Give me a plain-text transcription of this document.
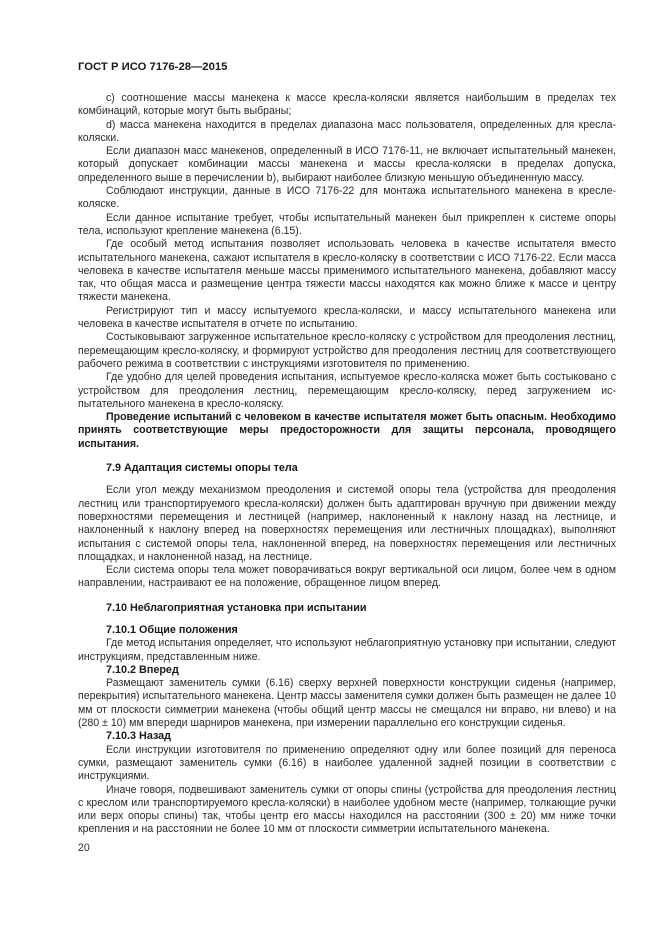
ГОСТ Р ИСО 7176-28—2015

c) соотношение массы манекена к массе кресла-коляски является наибольшим в пределах тех комбинаций, которые могут быть выбраны;

d) масса манекена находится в пределах диапазона масс пользователя, определенных для кресла-коляски.

Если диапазон масс манекенов, определенный в ИСО 7176-11, не включает испытательный манекен, который допускает комбинации массы манекена и массы кресла-коляски в пределах допуска, определенного выше в перечислении b), выбирают наиболее близкую меньшую объединенную массу.

Соблюдают инструкции, данные в ИСО 7176-22 для монтажа испытательного манекена в кресле-коляске.

Если данное испытание требует, чтобы испытательный манекен был прикреплен к системе опоры тела, используют крепление манекена (6.15).

Где особый метод испытания позволяет использовать человека в качестве испытателя вместо испытательного манекена, сажают испытателя в кресло-коляску в соответствии с ИСО 7176-22. Если масса человека в качестве испытателя меньше массы применимого испытательного манекена, добавляют массу так, что общая масса и размещение центра тяжести массы находятся как можно ближе к массе и центру тяжести манекена.

Регистрируют тип и массу испытуемого кресла-коляски, и массу испытательного манекена или человека в качестве испытателя в отчете по испытанию.

Состыковывают загруженное испытательное кресло-коляску с устройством для преодоления лестниц, перемещающим кресло-коляску, и формируют устройство для преодоления лестниц для соответствующего рабочего режима в соответствии с инструкциями изготовителя по применению.

Где удобно для целей проведения испытания, испытуемое кресло-коляска может быть состыковано с устройством для преодоления лестниц, перемещающим кресло-коляску, перед загружением испытательного манекена в кресло-коляску.

Проведение испытаний с человеком в качестве испытателя может быть опасным. Необходимо принять соответствующие меры предосторожности для защиты персонала, проводящего испытания.

7.9 Адаптация системы опоры тела

Если угол между механизмом преодоления и системой опоры тела (устройства для преодоления лестниц или транспортируемого кресла-коляски) должен быть адаптирован вручную при движении между поверхностями перемещения и лестницей (например, наклоненный к наклону назад на лестнице, и наклоненный к наклону вперед на поверхностях перемещения или лестничных площадках), выполняют испытания с системой опоры тела, наклоненной вперед, на поверхностях перемещения или лестничных площадках, и наклоненной назад, на лестнице.

Если система опоры тела может поворачиваться вокруг вертикальной оси лицом, более чем в одном направлении, настраивают ее на положение, обращенное лицом вперед.

7.10 Неблагоприятная установка при испытании
7.10.1 Общие положения

Где метод испытания определяет, что используют неблагоприятную установку при испытании, следуют инструкциям, представленным ниже.

7.10.2 Вперед

Размещают заменитель сумки (6.16) сверху верхней поверхности конструкции сиденья (например, перекрытия) испытательного манекена. Центр массы заменителя сумки должен быть размещен не далее 10 мм от плоскости симметрии манекена (чтобы общий центр массы не смещался ни вправо, ни влево) и на (280 ± 10) мм впереди шарниров манекена, при измерении параллельно его конструкции сиденья.

7.10.3 Назад

Если инструкции изготовителя по применению определяют одну или более позиций для переноса сумки, размещают заменитель сумки (6.16) в наиболее удаленной задней позиции в соответствии с инструкциями.

Иначе говоря, подвешивают заменитель сумки от опоры спины (устройства для преодоления лестниц с креслом или транспортируемого кресла-коляски) в наиболее удобном месте (например, толкающие ручки или верх опоры спины) так, чтобы центр его массы находился на расстоянии (300 ± 20) мм ниже точки крепления и на расстоянии не более 10 мм от плоскости симметрии испытательного манекена.

20
